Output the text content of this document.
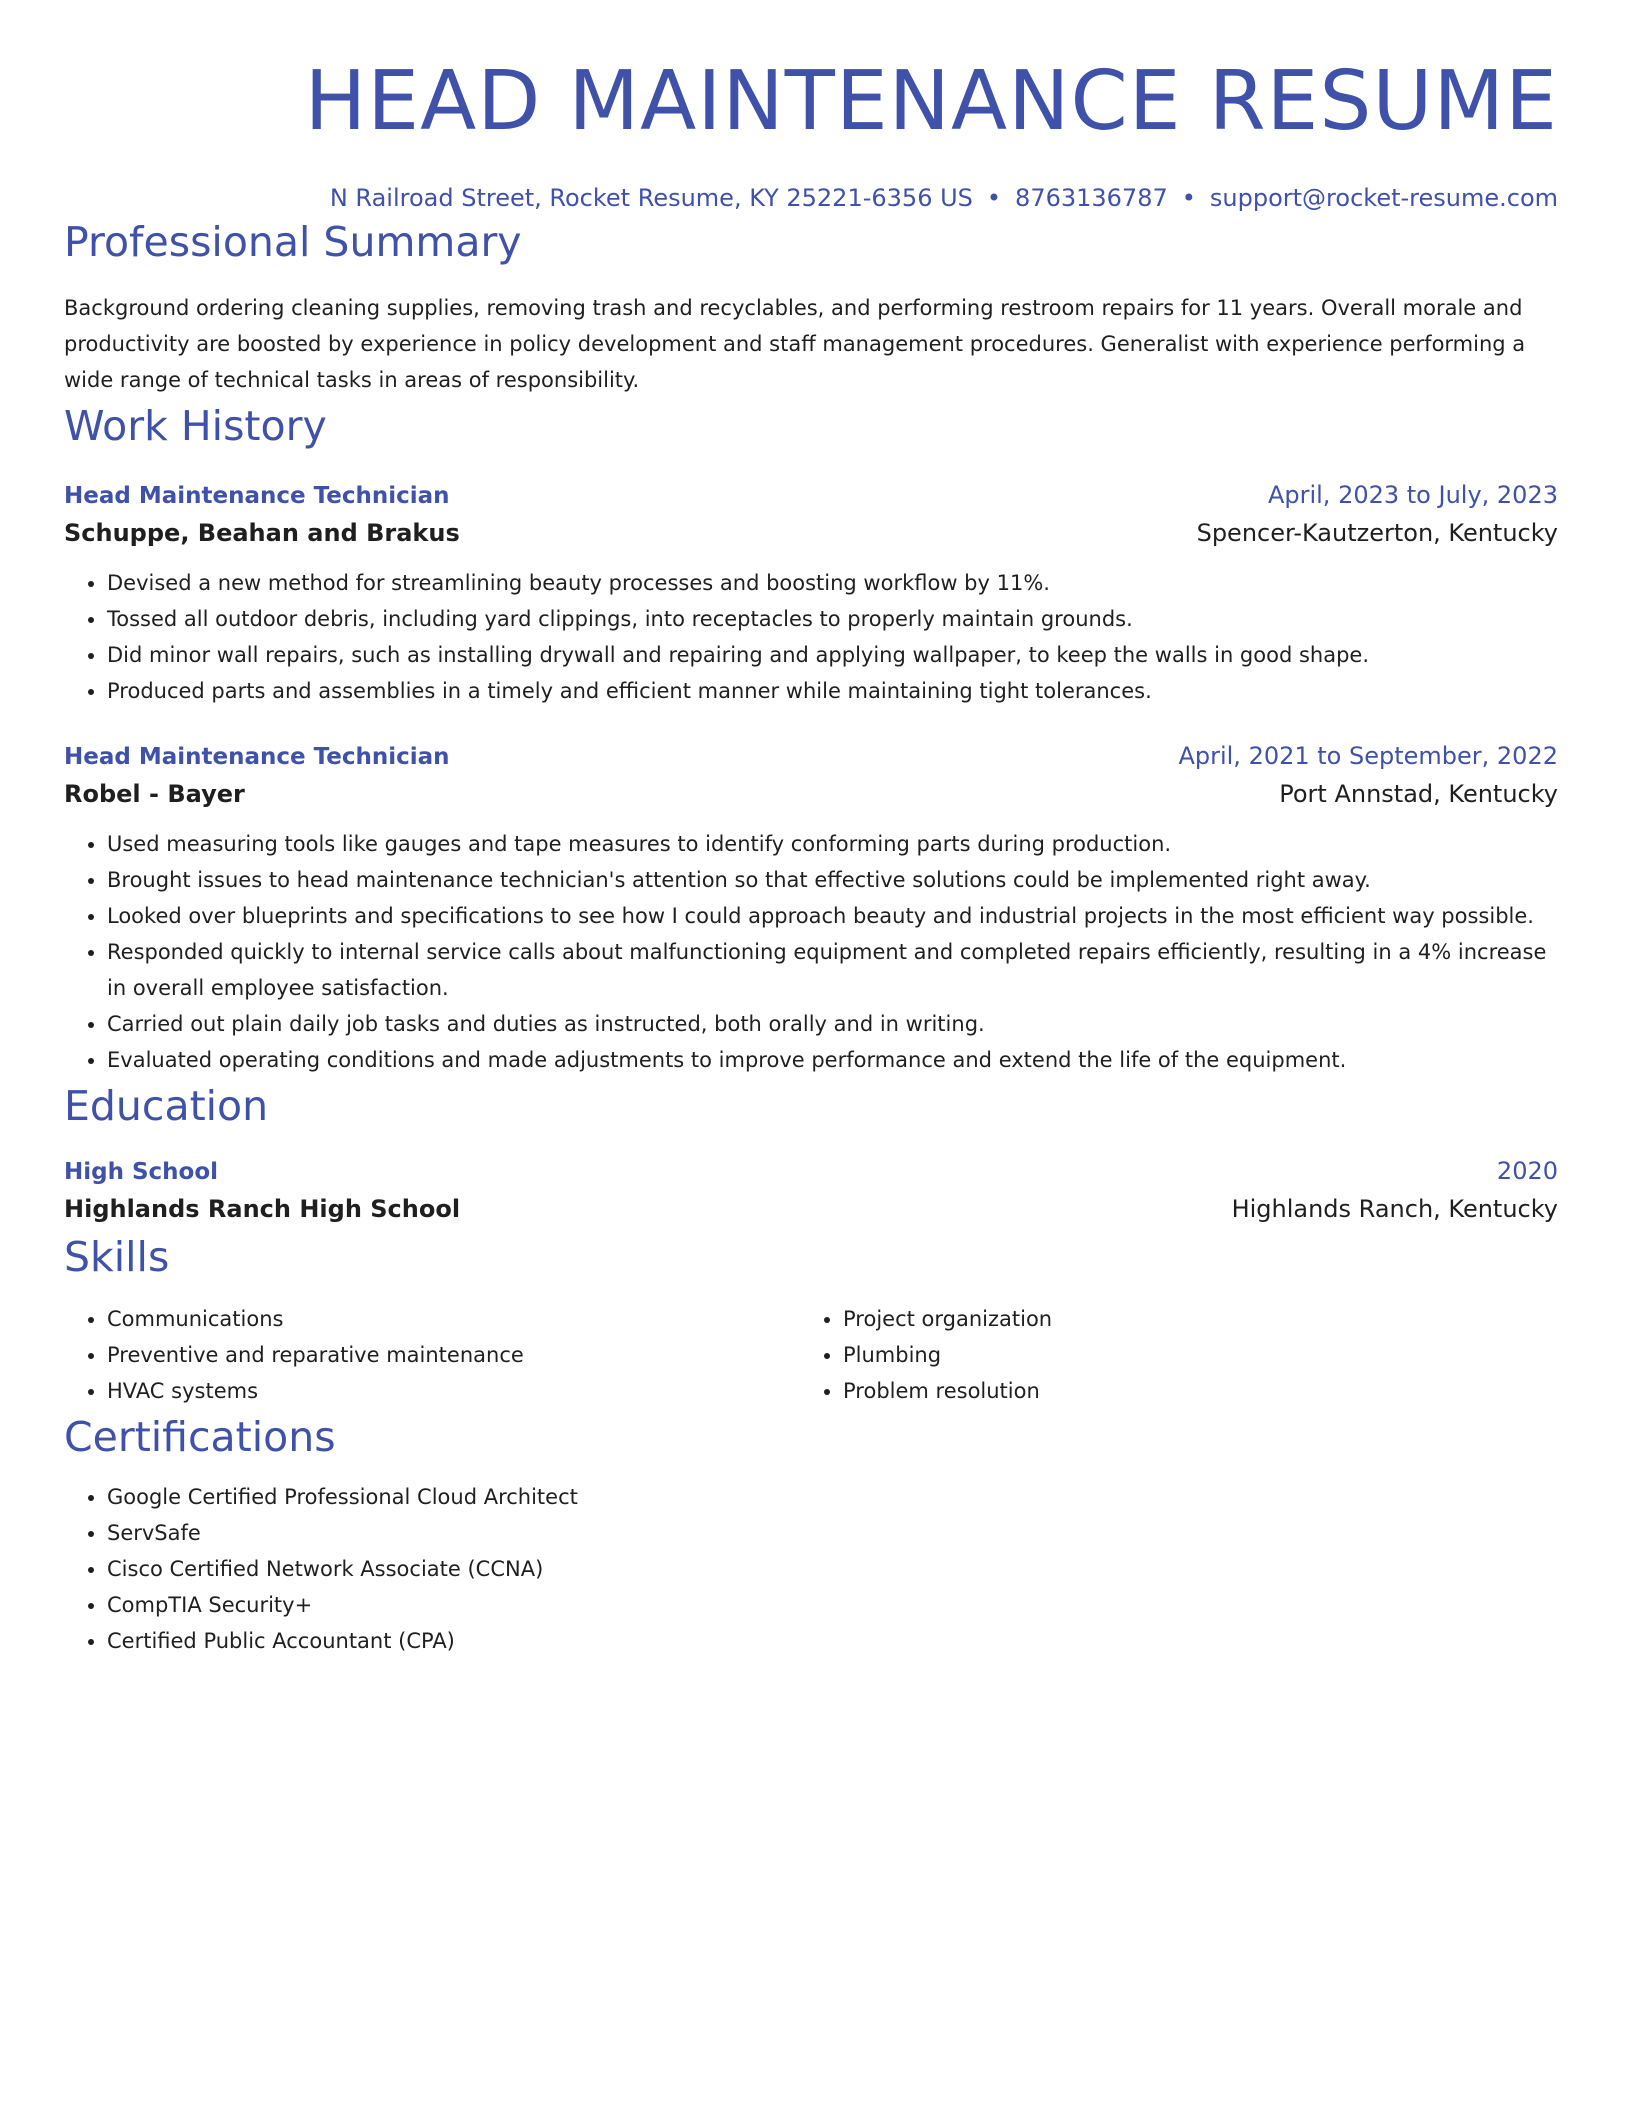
HEAD MAINTENANCE RESUME
N Railroad Street, Rocket Resume, KY 25221-6356 US • 8763136787 • support@rocket-resume.com
Professional Summary
Background ordering cleaning supplies, removing trash and recyclables, and performing restroom repairs for 11 years. Overall morale and productivity are boosted by experience in policy development and staff management procedures. Generalist with experience performing a wide range of technical tasks in areas of responsibility.
Work History
Head Maintenance Technician	April, 2023 to July, 2023
Schuppe, Beahan and Brakus	Spencer-Kautzerton, Kentucky
• Devised a new method for streamlining beauty processes and boosting workflow by 11%.
• Tossed all outdoor debris, including yard clippings, into receptacles to properly maintain grounds.
• Did minor wall repairs, such as installing drywall and repairing and applying wallpaper, to keep the walls in good shape.
• Produced parts and assemblies in a timely and efficient manner while maintaining tight tolerances.
Head Maintenance Technician	April, 2021 to September, 2022
Robel - Bayer	Port Annstad, Kentucky
• Used measuring tools like gauges and tape measures to identify conforming parts during production.
• Brought issues to head maintenance technician's attention so that effective solutions could be implemented right away.
• Looked over blueprints and specifications to see how I could approach beauty and industrial projects in the most efficient way possible.
• Responded quickly to internal service calls about malfunctioning equipment and completed repairs efficiently, resulting in a 4% increase in overall employee satisfaction.
• Carried out plain daily job tasks and duties as instructed, both orally and in writing.
• Evaluated operating conditions and made adjustments to improve performance and extend the life of the equipment.
Education
High School	2020
Highlands Ranch High School	Highlands Ranch, Kentucky
Skills
• Communications
• Preventive and reparative maintenance
• HVAC systems
• Project organization
• Plumbing
• Problem resolution
Certifications
• Google Certified Professional Cloud Architect
• ServSafe
• Cisco Certified Network Associate (CCNA)
• CompTIA Security+
• Certified Public Accountant (CPA)
